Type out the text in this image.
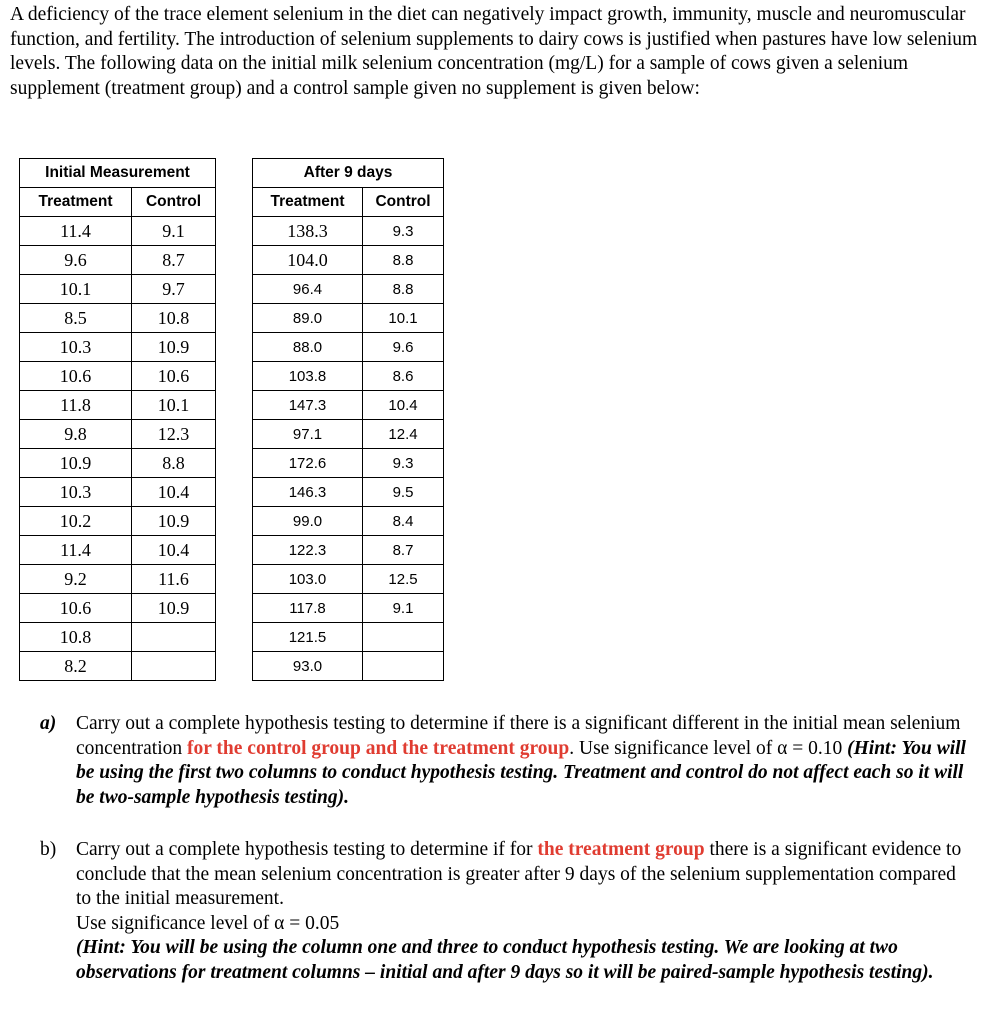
A deficiency of the trace element selenium in the diet can negatively impact growth, immunity, muscle and neuromuscular function, and fertility. The introduction of selenium supplements to dairy cows is justified when pastures have low selenium levels. The following data on the initial milk selenium concentration (mg/L) for a sample of cows given a selenium supplement (treatment group) and a control sample given no supplement is given below:

Initial Measurement	
Treatment	Control
11.4	9.1
9.6	8.7
10.1	9.7
8.5	10.8
10.3	10.9
10.6	10.6
11.8	10.1
9.8	12.3
10.9	8.8
10.3	10.4
10.2	10.9
11.4	10.4
9.2	11.6
10.6	10.9
10.8	
8.2	
After 9 days	
Treatment	Control
138.3	9.3
104.0	8.8
96.4	8.8
89.0	10.1
88.0	9.6
103.8	8.6
147.3	10.4
97.1	12.4
172.6	9.3
146.3	9.5
99.0	8.4
122.3	8.7
103.0	12.5
117.8	9.1
121.5	
93.0	
a) Carry out a complete hypothesis testing to determine if there is a significant different in the initial mean selenium concentration for the control group and the treatment group. Use significance level of α = 0.10 (Hint: You will be using the first two columns to conduct hypothesis testing. Treatment and control do not affect each so it will be two-sample hypothesis testing).
b) Carry out a complete hypothesis testing to determine if for the treatment group there is a significant evidence to conclude that the mean selenium concentration is greater after 9 days of the selenium supplementation compared to the initial measurement.
Use significance level of α = 0.05
(Hint: You will be using the column one and three to conduct hypothesis testing. We are looking at two observations for treatment columns – initial and after 9 days so it will be paired-sample hypothesis testing).
